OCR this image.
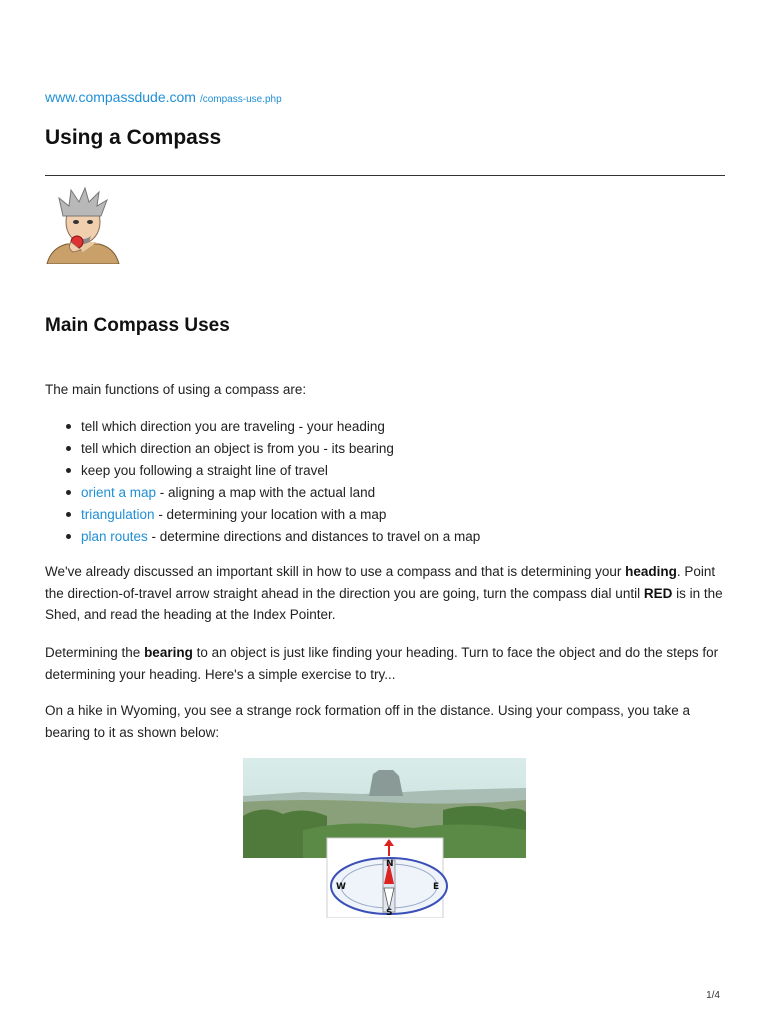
www.compassdude.com /compass-use.php
Using a Compass
Main Compass Uses
The main functions of using a compass are:
tell which direction you are traveling - your heading
tell which direction an object is from you - its bearing
keep you following a straight line of travel
orient a map - aligning a map with the actual land
triangulation - determining your location with a map
plan routes - determine directions and distances to travel on a map
We've already discussed an important skill in how to use a compass and that is determining your heading. Point the direction-of-travel arrow straight ahead in the direction you are going, turn the compass dial until RED is in the Shed, and read the heading at the Index Pointer.
Determining the bearing to an object is just like finding your heading. Turn to face the object and do the steps for determining your heading. Here's a simple exercise to try...
On a hike in Wyoming, you see a strange rock formation off in the distance. Using your compass, you take a bearing to it as shown below:
N
S
E
W
1/4
